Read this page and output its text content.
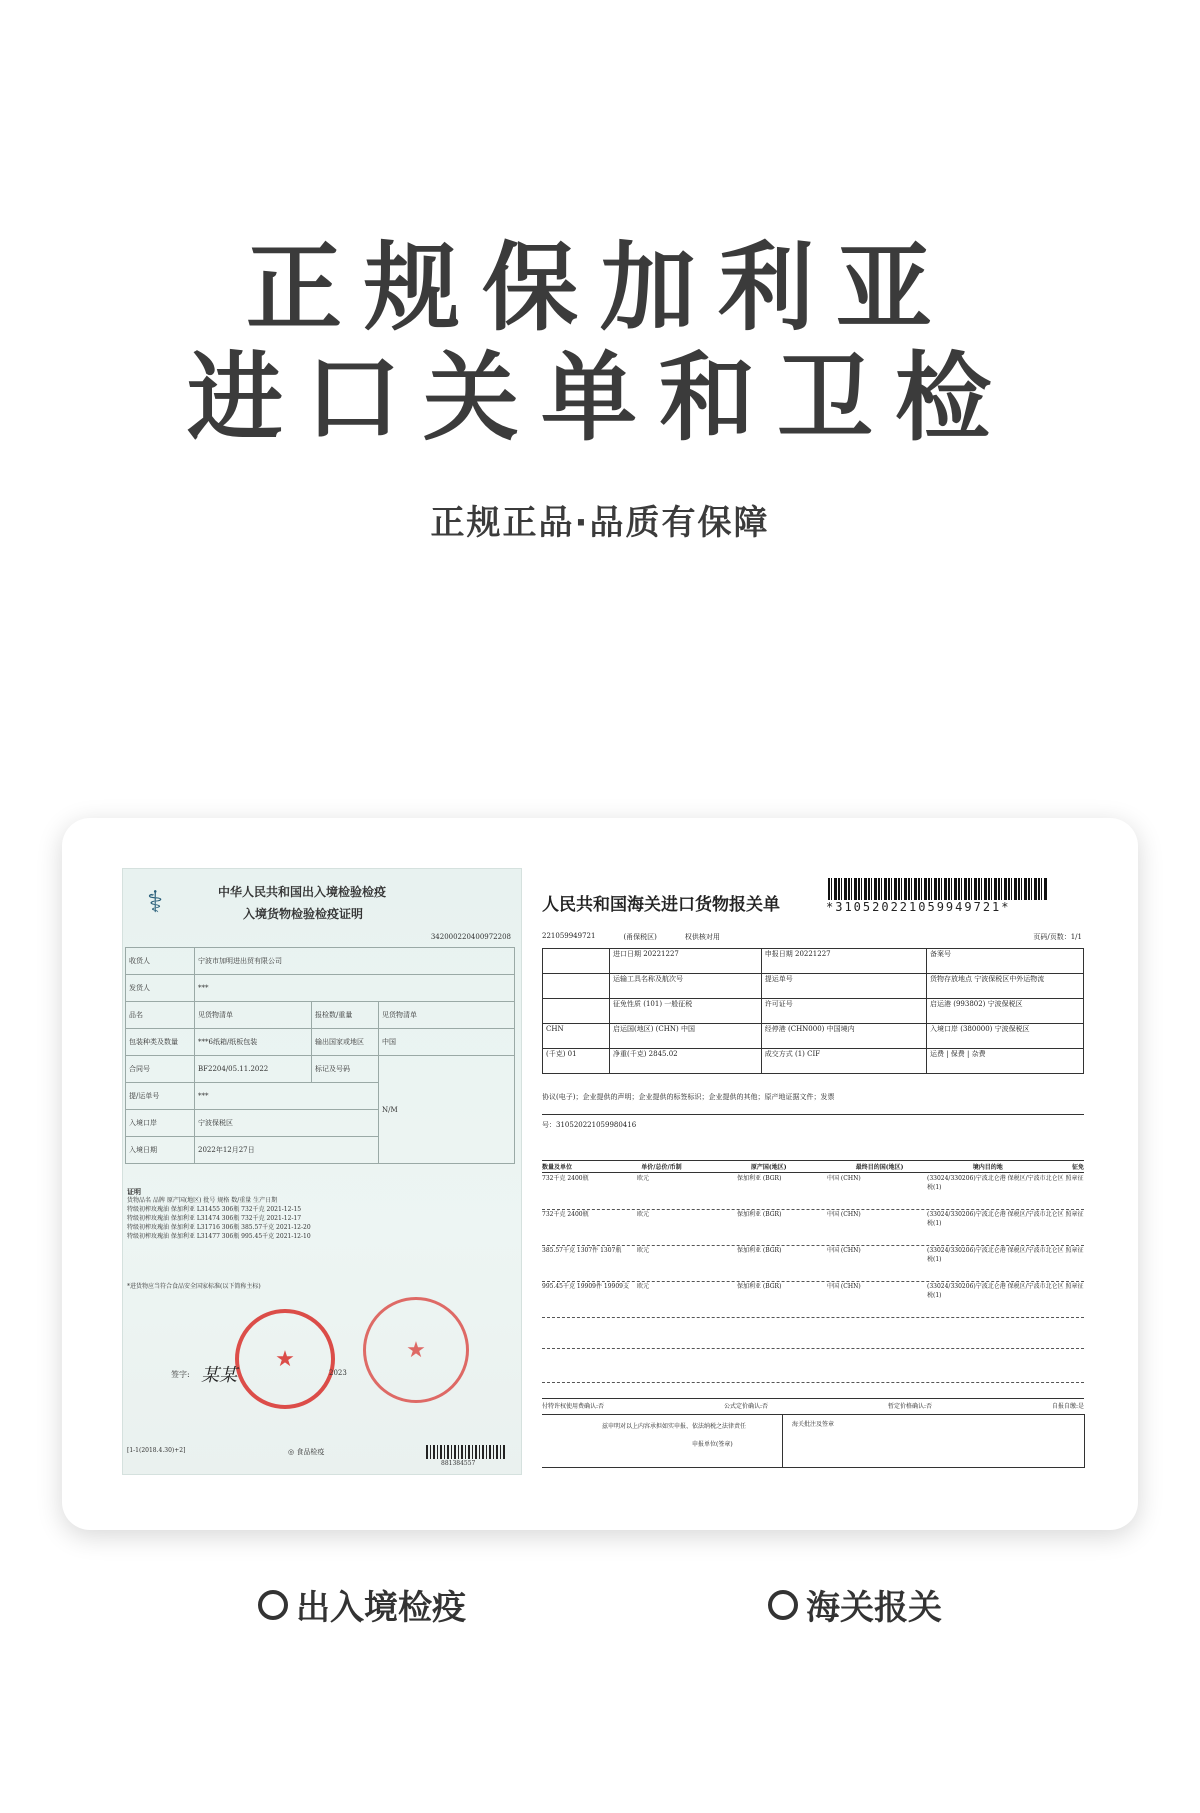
正规保加利亚
进口关单和卫检
正规正品·品质有保障
⚕	中华人民共和国出入境检验检疫
入境货物检验检疫证明
342000220400972208
收货人	宁波市加明进出贸有限公司		
发货人	***		
品名	见货物清单	报检数/重量	见货物清单
包装种类及数量	***6纸箱/纸板包装	输出国家或地区	中国
合同号	BF2204/05.11.2022	标记及号码	N/M
提/运单号	***		
入境口岸	宁波保税区		
入境日期	2022年12月27日		
证明
货物品名 品牌 原产国(地区) 批号 规格 数/重量 生产日期
特级初榨玫瑰油 保加利亚 L31455 306瓶 732千克 2021-12-15
特级初榨玫瑰油 保加利亚 L31474 306瓶 732千克 2021-12-17
特级初榨玫瑰油 保加利亚 L31716 306瓶 385.57千克 2021-12-20
特级初榨玫瑰油 保加利亚 L31477 306瓶 995.45千克 2021-12-10
*进货物应当符合食品安全国家标准(以下简称主标)
★	★
签字: 某某	2023
[1-1(2018.4.30)+2]	◎ 食品检疫
881384557
人民共和国海关进口货物报关单	*310520221059949721*
221059949721	(甬保税区)	权供核对用	页码/页数：1/1
	进口日期 20221227	申报日期 20221227	备案号
	运输工具名称及航次号	提运单号	货物存放地点 宁波保税区中外运物流
	征免性质 (101) 一般征税	许可证号	启运港 (993802) 宁波保税区
CHN	启运国(地区) (CHN) 中国	经停港 (CHN000) 中国境内	入境口岸 (380000) 宁波保税区
(千克) 01	净重(千克) 2845.02	成交方式 (1) CIF	运费 | 保费 | 杂费
协议(电子)；企业提供的声明；企业提供的标签标识；企业提供的其他；原产地证据文件；发票
号：310520221059980416
数量及单位	单价/总价/币制	原产国(地区)	最终目的国(地区)	境内目的地	征免
732千克 2400瓶	欧元	保加利亚 (BGR)	中国 (CHN)	(33024/330206)宁波北仑港 保税区/宁波市北仑区 照章征税(1)
732千克 2400瓶	欧元	保加利亚 (BGR)	中国 (CHN)	(33024/330206)宁波北仑港 保税区/宁波市北仑区 照章征税(1)
385.57千克 1307件 1307瓶	欧元	保加利亚 (BGR)	中国 (CHN)	(33024/330206)宁波北仑港 保税区/宁波市北仑区 照章征税(1)
995.45千克 19909件 19909支	欧元	保加利亚 (BGR)	中国 (CHN)	(33024/330206)宁波北仑港 保税区/宁波市北仑区 照章征税(1)
付特许权使用费确认:否	公式定价确认:否	暂定价格确认:否	自报自缴:是
兹申明对以上内容承担如实申报、依法纳税之法律责任
申报单位(签章)
海关批注及签章
出入境检疫	海关报关
